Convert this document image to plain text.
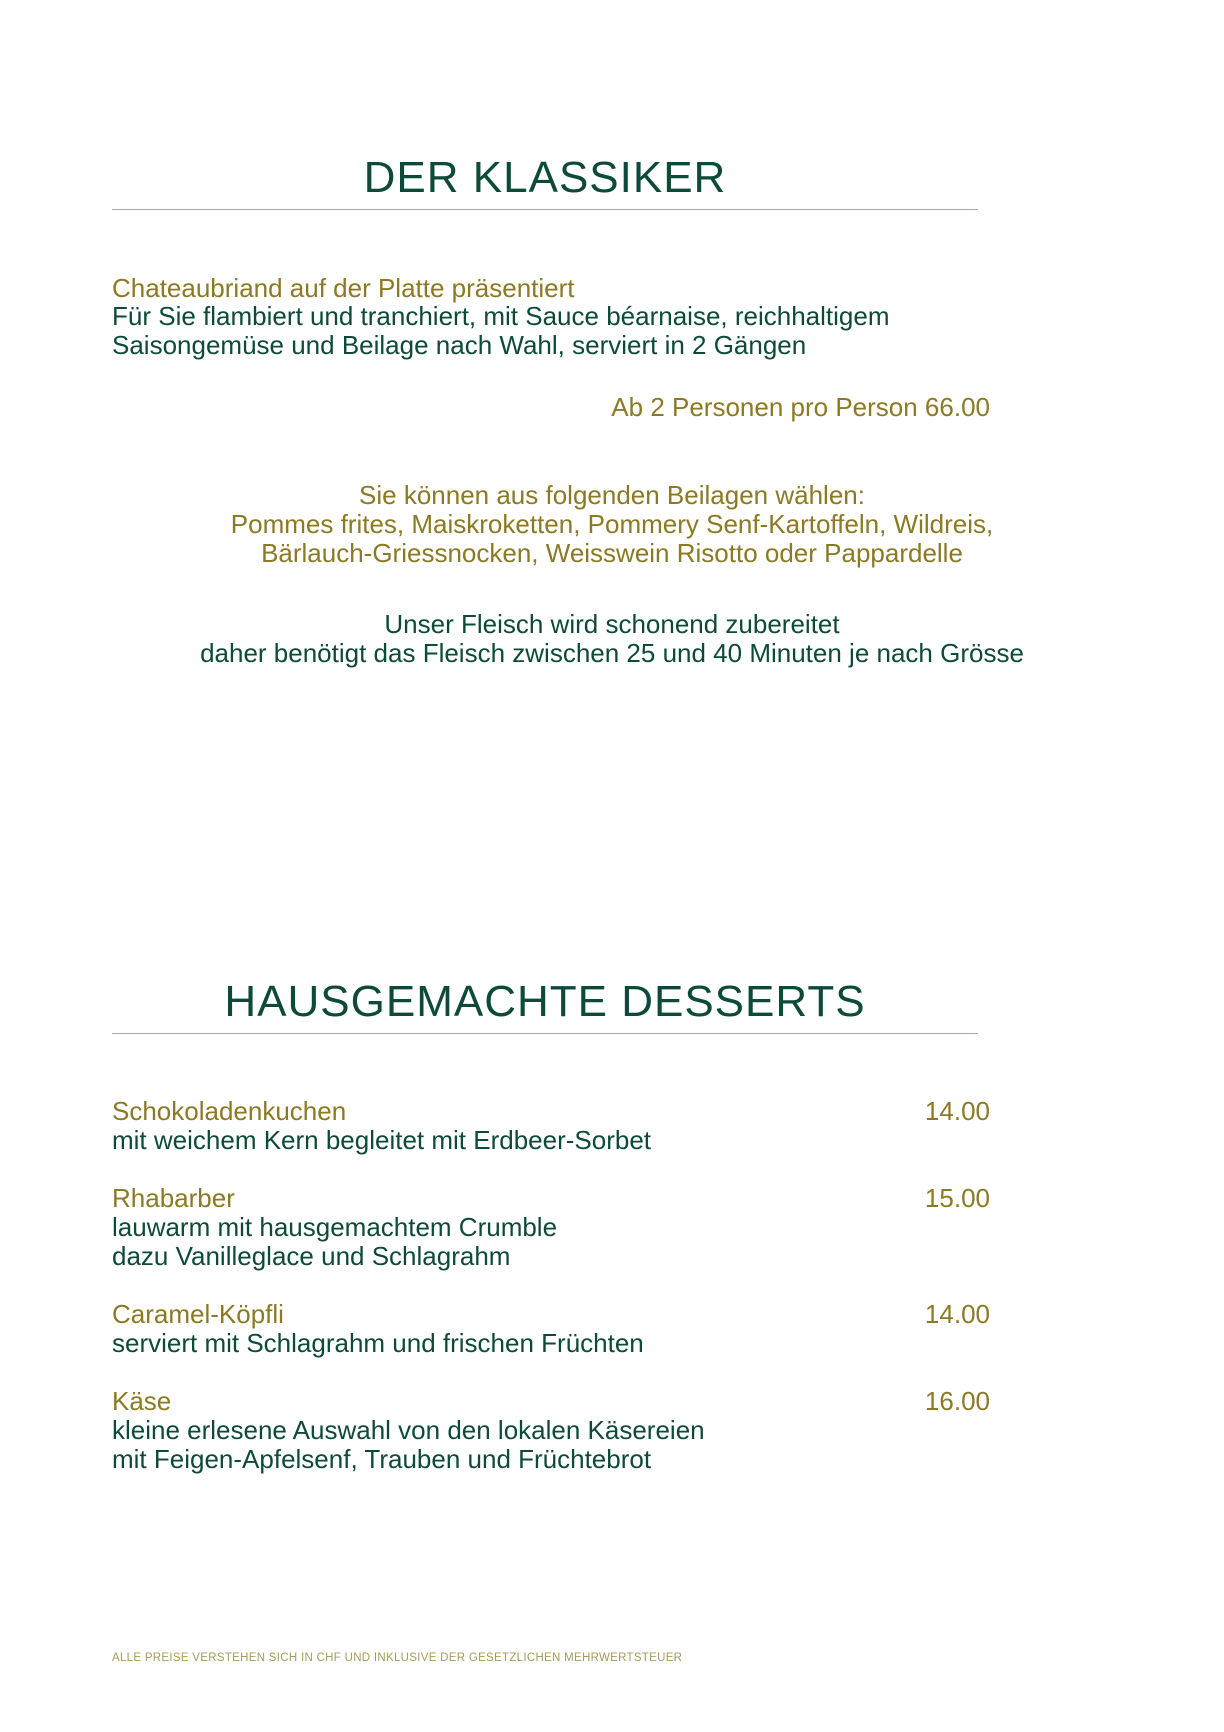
DER KLASSIKER
Chateaubriand auf der Platte präsentiert
Für Sie flambiert und tranchiert, mit Sauce béarnaise, reichhaltigem
Saisongemüse und Beilage nach Wahl, serviert in 2 Gängen
Ab 2 Personen pro Person 66.00
Sie können aus folgenden Beilagen wählen:
Pommes frites, Maiskroketten, Pommery Senf-Kartoffeln, Wildreis,
Bärlauch-Griessnocken, Weisswein Risotto oder Pappardelle
Unser Fleisch wird schonend zubereitet
daher benötigt das Fleisch zwischen 25 und 40 Minuten je nach Grösse
HAUSGEMACHTE DESSERTS
Schokoladenkuchen	14.00
mit weichem Kern begleitet mit Erdbeer-Sorbet
Rhabarber	15.00
lauwarm mit hausgemachtem Crumble
dazu Vanilleglace und Schlagrahm
Caramel-Köpfli	14.00
serviert mit Schlagrahm und frischen Früchten
Käse	16.00
kleine erlesene Auswahl von den lokalen Käsereien
mit Feigen-Apfelsenf, Trauben und Früchtebrot
ALLE PREISE VERSTEHEN SICH IN CHF UND INKLUSIVE DER GESETZLICHEN MEHRWERTSTEUER
